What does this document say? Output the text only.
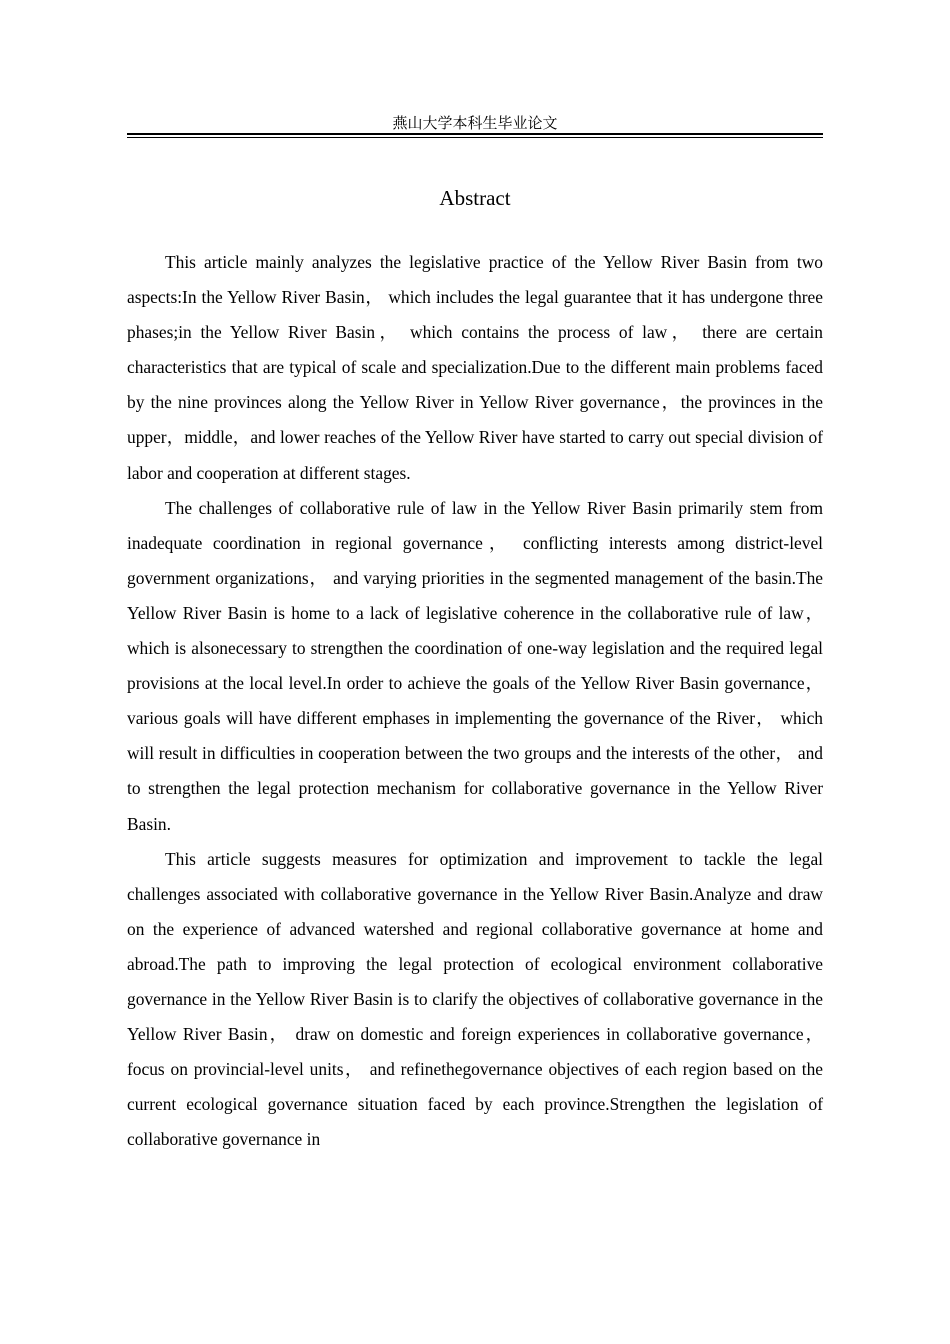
燕山大学本科生毕业论文
Abstract

This article mainly analyzes the legislative practice of the Yellow River Basin from two aspects:In the Yellow River Basin， which includes the legal guarantee that it has undergone three phases;in the Yellow River Basin， which contains the process of law， there are certain characteristics that are typical of scale and specialization.Due to the different main problems faced by the nine provinces along the Yellow River in Yellow River governance，the provinces in the upper，middle，and lower reaches of the Yellow River have started to carry out special division of labor and cooperation at different stages.

The challenges of collaborative rule of law in the Yellow River Basin primarily stem from inadequate coordination in regional governance， conflicting interests among district-level government organizations， and varying priorities in the segmented management of the basin.The Yellow River Basin is home to a lack of legislative coherence in the collaborative rule of law， which is alsonecessary to strengthen the coordination of one-way legislation and the required legal provisions at the local level.In order to achieve the goals of the Yellow River Basin governance，various goals will have different emphases in implementing the governance of the River， which will result in difficulties in cooperation between the two groups and the interests of the other， and to strengthen the legal protection mechanism for collaborative governance in the Yellow River Basin.

This article suggests measures for optimization and improvement to tackle the legal challenges associated with collaborative governance in the Yellow River Basin.Analyze and draw on the experience of advanced watershed and regional collaborative governance at home and abroad.The path to improving the legal protection of ecological environment collaborative governance in the Yellow River Basin is to clarify the objectives of collaborative governance in the Yellow River Basin， draw on domestic and foreign experiences in collaborative governance， focus on provincial-level units， and refinethegovernance objectives of each region based on the current ecological governance situation faced by each province.Strengthen the legislation of collaborative governance in
